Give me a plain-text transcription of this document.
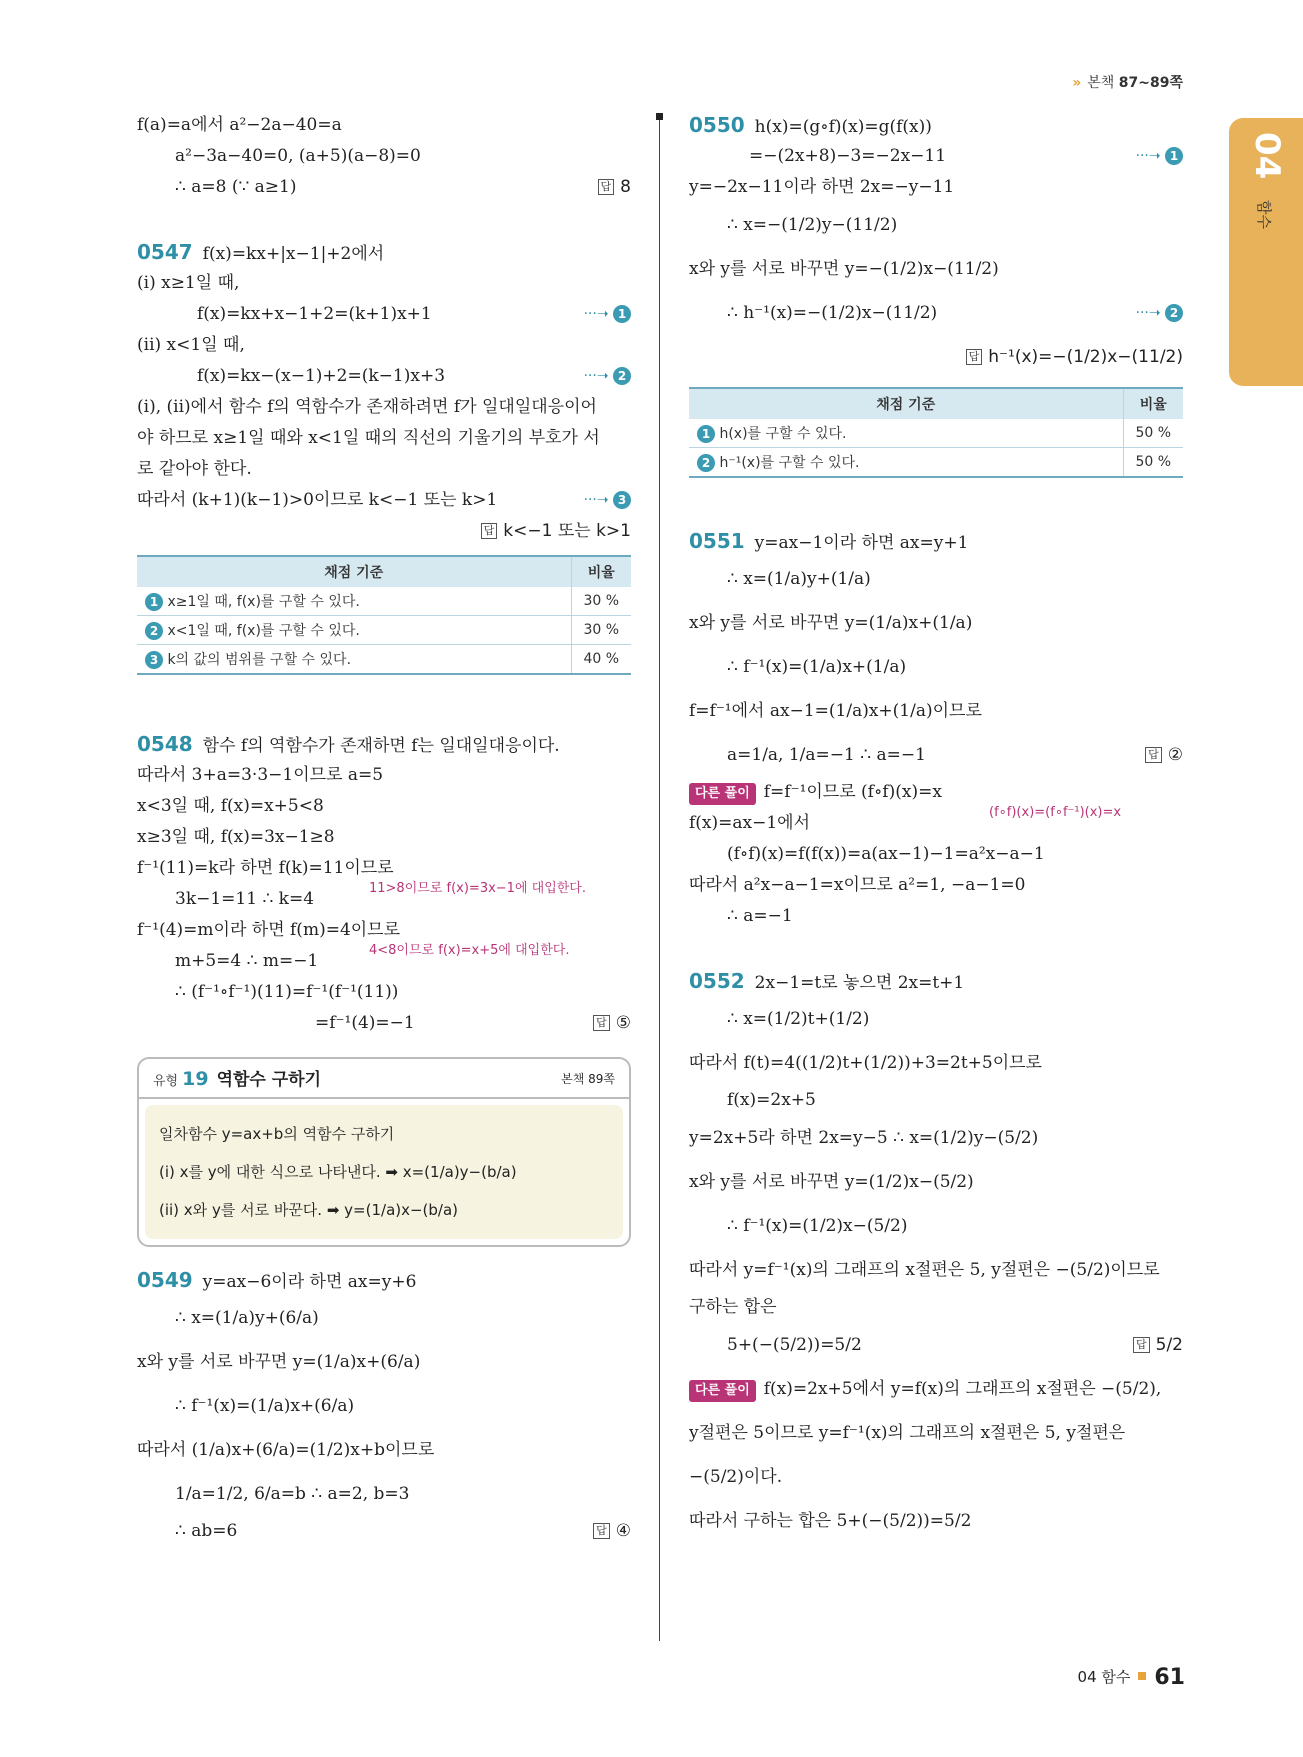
» 본책 87~89쪽
04
함수
f(a)=a에서 a²−2a−40=a
a²−3a−40=0, (a+5)(a−8)=0
∴ a=8 (∵ a≥1)	답 8
0547 f(x)=kx+|x−1|+2에서
(i) x≥1일 때,
f(x)=kx+x−1+2=(k+1)x+1	···➝ 1
(ii) x<1일 때,
f(x)=kx−(x−1)+2=(k−1)x+3	···➝ 2
(i), (ii)에서 함수 f의 역함수가 존재하려면 f가 일대일대응이어
야 하므로 x≥1일 때와 x<1일 때의 직선의 기울기의 부호가 서
로 같아야 한다.
따라서 (k+1)(k−1)>0이므로 k<−1 또는 k>1	···➝ 3
답 k<−1 또는 k>1
채점 기준	비율
1 x≥1일 때, f(x)를 구할 수 있다.	30 %
2 x<1일 때, f(x)를 구할 수 있다.	30 %
3 k의 값의 범위를 구할 수 있다.	40 %
0548 함수 f의 역함수가 존재하면 f는 일대일대응이다.
따라서 3+a=3·3−1이므로 a=5
x<3일 때, f(x)=x+5<8
x≥3일 때, f(x)=3x−1≥8
f⁻¹(11)=k라 하면 f(k)=11이므로
11>8이므로 f(x)=3x−1에 대입한다.
3k−1=11 ∴ k=4
f⁻¹(4)=m이라 하면 f(m)=4이므로
4<8이므로 f(x)=x+5에 대입한다.
m+5=4 ∴ m=−1
∴ (f⁻¹∘f⁻¹)(11)=f⁻¹(f⁻¹(11))
=f⁻¹(4)=−1	답 ⑤
유형 19 역함수 구하기	본책 89쪽
일차함수 y=ax+b의 역함수 구하기
(i) x를 y에 대한 식으로 나타낸다. ➡ x=(1/a)y−(b/a)
(ii) x와 y를 서로 바꾼다. ➡ y=(1/a)x−(b/a)
0549 y=ax−6이라 하면 ax=y+6
∴ x=(1/a)y+(6/a)
x와 y를 서로 바꾸면 y=(1/a)x+(6/a)
∴ f⁻¹(x)=(1/a)x+(6/a)
따라서 (1/a)x+(6/a)=(1/2)x+b이므로
1/a=1/2, 6/a=b ∴ a=2, b=3
∴ ab=6	답 ④
0550 h(x)=(g∘f)(x)=g(f(x))
=−(2x+8)−3=−2x−11	···➝ 1
y=−2x−11이라 하면 2x=−y−11
∴ x=−(1/2)y−(11/2)
x와 y를 서로 바꾸면 y=−(1/2)x−(11/2)
∴ h⁻¹(x)=−(1/2)x−(11/2)	···➝ 2
답 h⁻¹(x)=−(1/2)x−(11/2)
채점 기준	비율
1 h(x)를 구할 수 있다.	50 %
2 h⁻¹(x)를 구할 수 있다.	50 %
0551 y=ax−1이라 하면 ax=y+1
∴ x=(1/a)y+(1/a)
x와 y를 서로 바꾸면 y=(1/a)x+(1/a)
∴ f⁻¹(x)=(1/a)x+(1/a)
f=f⁻¹에서 ax−1=(1/a)x+(1/a)이므로
a=1/a, 1/a=−1 ∴ a=−1	답 ②
다른 풀이 f=f⁻¹이므로 (f∘f)(x)=x
(f∘f)(x)=(f∘f⁻¹)(x)=x
f(x)=ax−1에서
(f∘f)(x)=f(f(x))=a(ax−1)−1=a²x−a−1
따라서 a²x−a−1=x이므로 a²=1, −a−1=0
∴ a=−1
0552 2x−1=t로 놓으면 2x=t+1
∴ x=(1/2)t+(1/2)
따라서 f(t)=4((1/2)t+(1/2))+3=2t+5이므로
f(x)=2x+5
y=2x+5라 하면 2x=y−5 ∴ x=(1/2)y−(5/2)
x와 y를 서로 바꾸면 y=(1/2)x−(5/2)
∴ f⁻¹(x)=(1/2)x−(5/2)
따라서 y=f⁻¹(x)의 그래프의 x절편은 5, y절편은 −(5/2)이므로
구하는 합은
5+(−(5/2))=5/2	답 5/2
다른 풀이 f(x)=2x+5에서 y=f(x)의 그래프의 x절편은 −(5/2),
y절편은 5이므로 y=f⁻¹(x)의 그래프의 x절편은 5, y절편은
−(5/2)이다.
따라서 구하는 합은 5+(−(5/2))=5/2
04 함수 61
